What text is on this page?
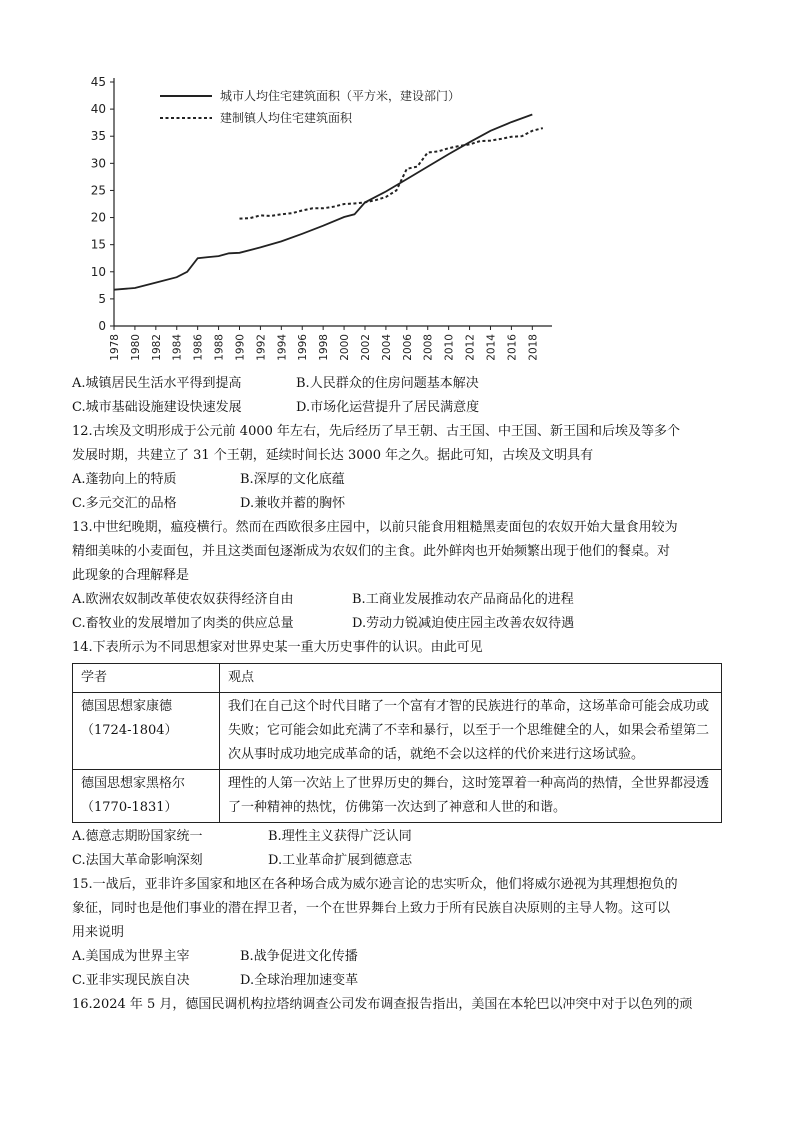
0
5
10
15
20
25
30
35
40
45
1978 1980 1982 1984 1986 1988 1990 1992 1994 1996 1998 2000 2002 2004 2006 2008 2010 2012 2014 2016 2018
城市人均住宅建筑面积（平方米，建设部门）
建制镇人均住宅建筑面积
A.城镇居民生活水平得到提高	B.人民群众的住房问题基本解决
C.城市基础设施建设快速发展	D.市场化运营提升了居民满意度
12.古埃及文明形成于公元前 4000 年左右，先后经历了早王朝、古王国、中王国、新王国和后埃及等多个
发展时期，共建立了 31 个王朝，延续时间长达 3000 年之久。据此可知，古埃及文明具有
A.蓬勃向上的特质	B.深厚的文化底蕴
C.多元交汇的品格	D.兼收并蓄的胸怀
13.中世纪晚期，瘟疫横行。然而在西欧很多庄园中，以前只能食用粗糙黑麦面包的农奴开始大量食用较为
精细美味的小麦面包，并且这类面包逐渐成为农奴们的主食。此外鲜肉也开始频繁出现于他们的餐桌。对
此现象的合理解释是
A.欧洲农奴制改革使农奴获得经济自由	B.工商业发展推动农产品商品化的进程
C.畜牧业的发展增加了肉类的供应总量	D.劳动力锐减迫使庄园主改善农奴待遇
14.下表所示为不同思想家对世界史某一重大历史事件的认识。由此可见
学者	观点

德国思想家康德
（1724-1804）	我们在自己这个时代目睹了一个富有才智的民族进行的革命，这场革命可能会成功或失败；它可能会如此充满了不幸和暴行，以至于一个思维健全的人，如果会希望第二次从事时成功地完成革命的话，就绝不会以这样的代价来进行这场试验。

德国思想家黑格尔
（1770-1831）	理性的人第一次站上了世界历史的舞台，这时笼罩着一种高尚的热情，全世界都浸透了一种精神的热忱，仿佛第一次达到了神意和人世的和谐。
A.德意志期盼国家统一	B.理性主义获得广泛认同
C.法国大革命影响深刻	D.工业革命扩展到德意志
15.一战后，亚非许多国家和地区在各种场合成为威尔逊言论的忠实听众，他们将威尔逊视为其理想抱负的
象征，同时也是他们事业的潜在捍卫者，一个在世界舞台上致力于所有民族自决原则的主导人物。这可以
用来说明
A.美国成为世界主宰	B.战争促进文化传播
C.亚非实现民族自决	D.全球治理加速变革
16.2024 年 5 月，德国民调机构拉塔纳调查公司发布调查报告指出，美国在本轮巴以冲突中对于以色列的顽
